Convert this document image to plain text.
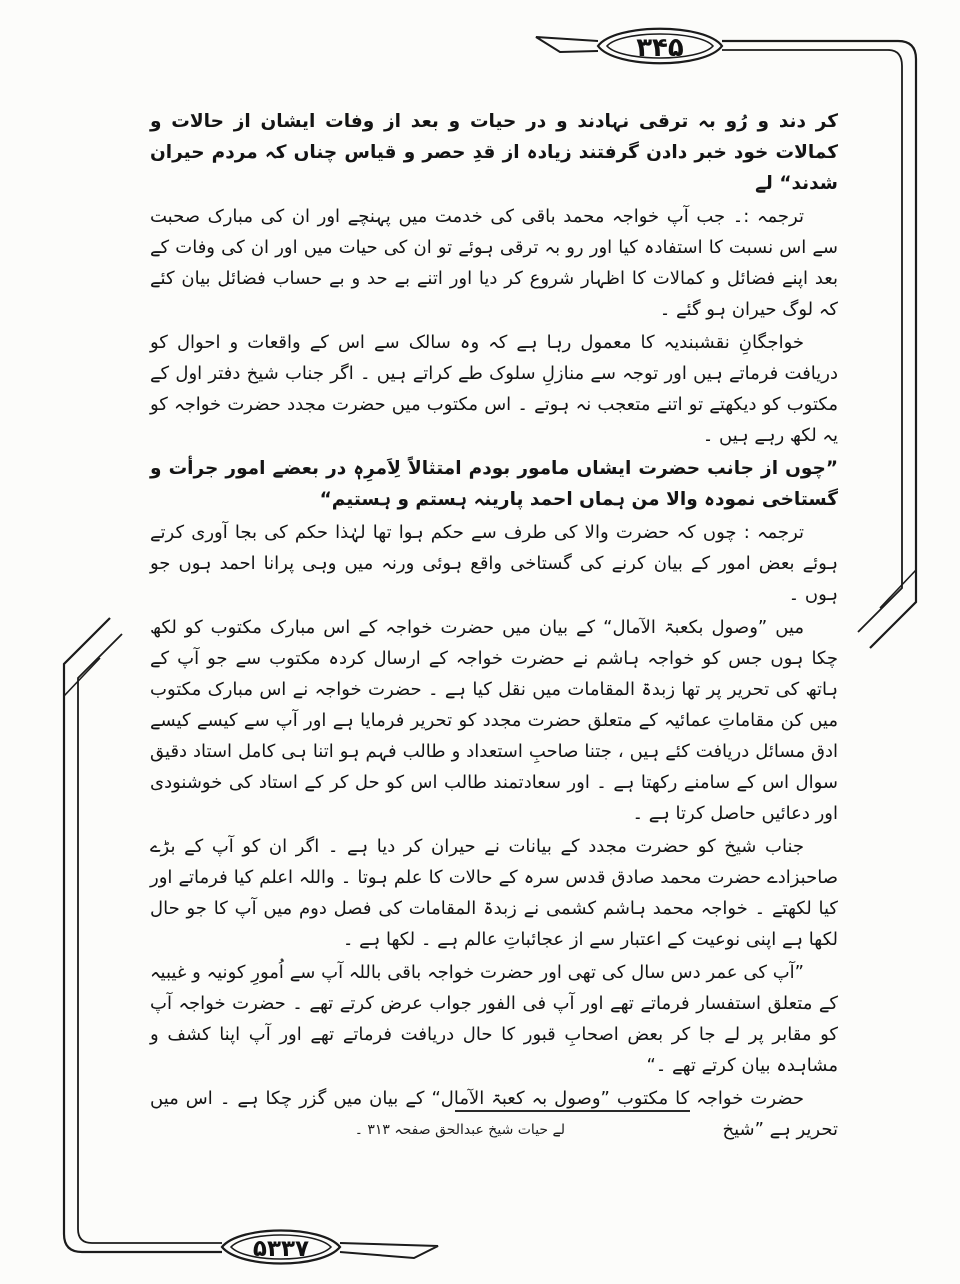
۳۴۵
۵۳۳۷

کر دند و رُو بہ ترقی نہادند و در حیات و بعد از وفات ایشان از حالات و کمالات خود خبر دادن گرفتند زیادہ از قدِ حصر و قیاس چناں کہ مردم حیران شدند“ لے

ترجمہ :۔ جب آپ خواجہ محمد باقی کی خدمت میں پہنچے اور ان کی مبارک صحبت سے اس نسبت کا استفادہ کیا اور رو بہ ترقی ہوئے تو ان کی حیات میں اور ان کی وفات کے بعد اپنے فضائل و کمالات کا اظہار شروع کر دیا اور اتنے بے حد و بے حساب فضائل بیان کئے کہ لوگ حیران ہو گئے ۔

خواجگانِ نقشبندیہ کا معمول رہا ہے کہ وہ سالک سے اس کے واقعات و احوال کو دریافت فرماتے ہیں اور توجہ سے منازلِ سلوک طے کراتے ہیں ۔ اگر جناب شیخ دفتر اول کے مکتوب کو دیکھتے تو اتنے متعجب نہ ہوتے ۔ اس مکتوب میں حضرت مجدد حضرت خواجہ کو یہ لکھ رہے ہیں ۔

”چوں از جانب حضرت ایشاں مامور بودم امتثالاً لِاَمرِہٖ در بعضے امور جرأت و گستاخی نمودہ والا من ہماں احمد پارینہ ہستم و ہستیم“

ترجمہ : چوں کہ حضرت والا کی طرف سے حکم ہوا تھا لہٰذا حکم کی بجا آوری کرتے ہوئے بعض امور کے بیان کرنے کی گستاخی واقع ہوئی ورنہ میں وہی پرانا احمد ہوں جو ہوں ۔

میں ”وصول بکعبۃ الآمال“ کے بیان میں حضرت خواجہ کے اس مبارک مکتوب کو لکھ چکا ہوں جس کو خواجہ ہاشم نے حضرت خواجہ کے ارسال کردہ مکتوب سے جو آپ کے ہاتھ کی تحریر پر تھا زبدۃ المقامات میں نقل کیا ہے ۔ حضرت خواجہ نے اس مبارک مکتوب میں کن مقاماتِ عمائیہ کے متعلق حضرت مجدد کو تحریر فرمایا ہے اور آپ سے کیسے کیسے ادق مسائل دریافت کئے ہیں ، جتنا صاحبِ استعداد و طالب فہم ہو اتنا ہی کامل استاد دقیق سوال اس کے سامنے رکھتا ہے ۔ اور سعادتمند طالب اس کو حل کر کے استاد کی خوشنودی اور دعائیں حاصل کرتا ہے ۔

جناب شیخ کو حضرت مجدد کے بیانات نے حیران کر دیا ہے ۔ اگر ان کو آپ کے بڑے صاحبزادے حضرت محمد صادق قدس سرہ کے حالات کا علم ہوتا ۔ واللہ اعلم کیا فرماتے اور کیا لکھتے ۔ خواجہ محمد ہاشم کشمی نے زبدۃ المقامات کی فصل دوم میں آپ کا جو حال لکھا ہے اپنی نوعیت کے اعتبار سے از عجائباتِ عالم ہے ۔ لکھا ہے ۔

”آپ کی عمر دس سال کی تھی اور حضرت خواجہ باقی باللہ آپ سے اُمورِ کونیہ و غیبیہ کے متعلق استفسار فرماتے تھے اور آپ فی الفور جواب عرض کرتے تھے ۔ حضرت خواجہ آپ کو مقابر پر لے جا کر بعض اصحابِ قبور کا حال دریافت فرماتے تھے اور آپ اپنا کشف و مشاہدہ بیان کرتے تھے ۔“

حضرت خواجہ کا مکتوب ”وصول بہ کعبۃ الآمال“ کے بیان میں گزر چکا ہے ۔ اس میں تحریر ہے ”شیخ

لے حیات شیخ عبدالحق صفحہ ۳۱۳ ۔
